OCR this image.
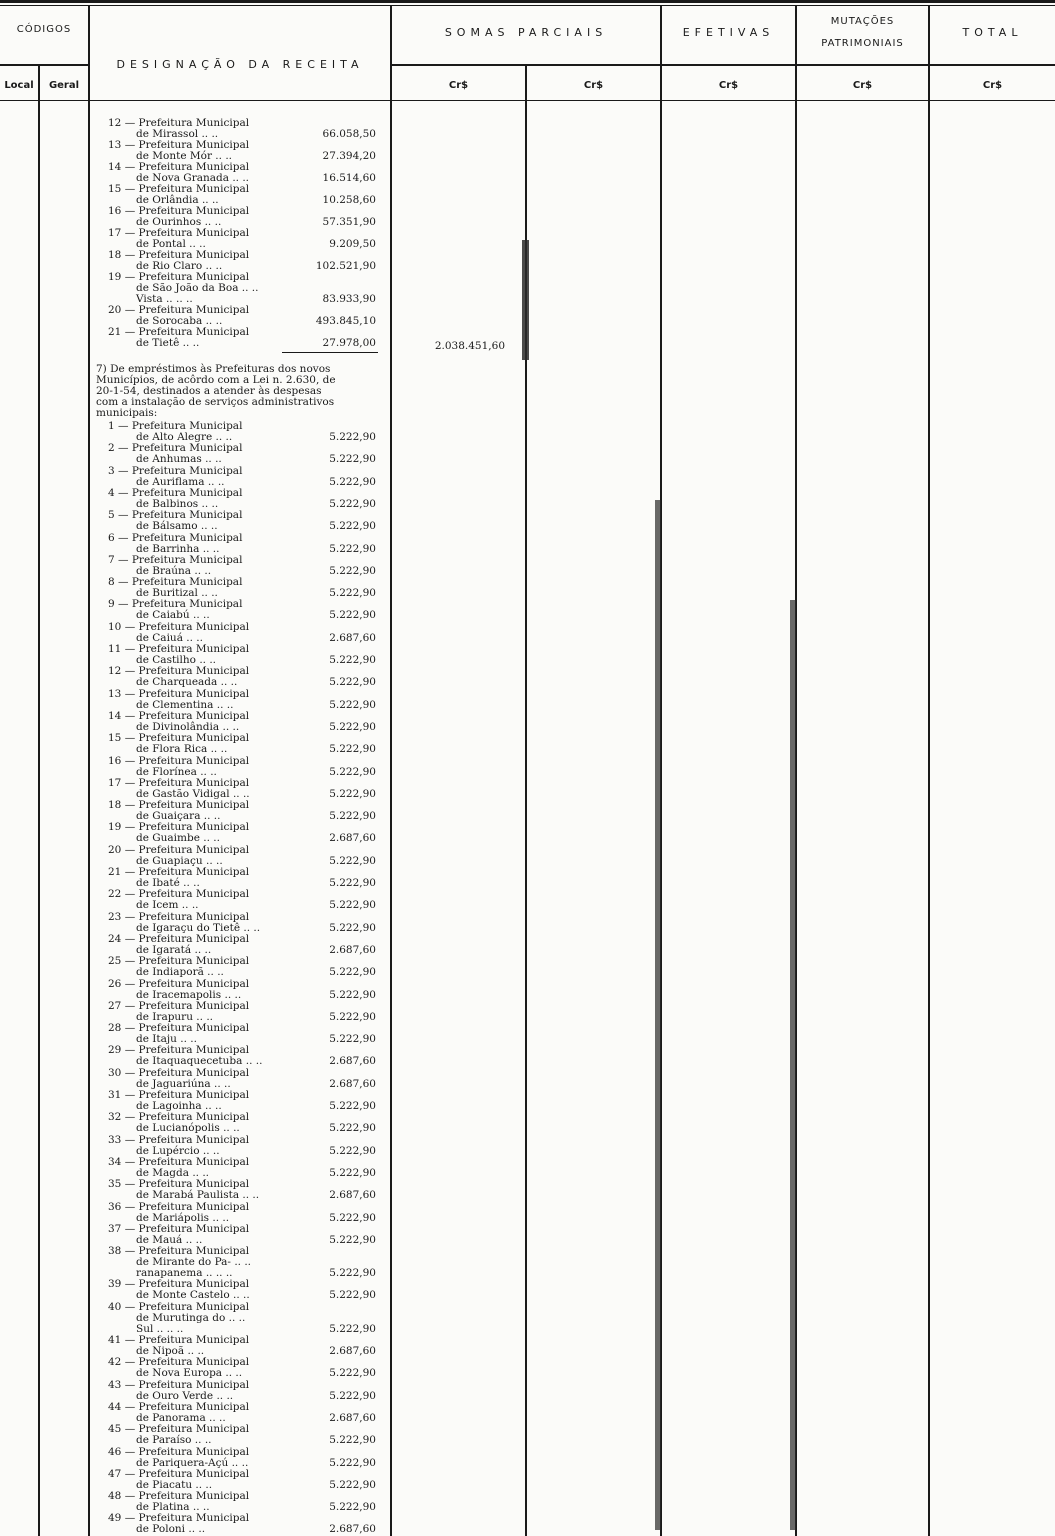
CÓDIGOS
Local	Geral
DESIGNAÇÃO DA RECEITA
SOMAS PARCIAIS	EFETIVAS
MUTAÇÕES
PATRIMONIAIS
TOTAL
Cr$	Cr$	Cr$	Cr$	Cr$
12 — Prefeitura Municipal
de Mirassol .. ..	66.058,50
13 — Prefeitura Municipal
de Monte Mór .. ..	27.394,20
14 — Prefeitura Municipal
de Nova Granada .. ..	16.514,60
15 — Prefeitura Municipal
de Orlândia .. ..	10.258,60
16 — Prefeitura Municipal
de Ourinhos .. ..	57.351,90
17 — Prefeitura Municipal
de Pontal .. ..	9.209,50
18 — Prefeitura Municipal
de Rio Claro .. ..	102.521,90
19 — Prefeitura Municipal
de São João da Boa .. ..
Vista .. .. ..	83.933,90
20 — Prefeitura Municipal
de Sorocaba .. ..	493.845,10
21 — Prefeitura Municipal
de Tietê .. ..	27.978,00	2.038.451,60
7) De empréstimos às Prefeituras dos novos
Municípios, de acôrdo com a Lei n. 2.630, de
20-1-54, destinados a atender às despesas
com a instalação de serviços administrativos
municipais:
1 — Prefeitura Municipal
de Alto Alegre .. ..	5.222,90
2 — Prefeitura Municipal
de Anhumas .. ..	5.222,90
3 — Prefeitura Municipal
de Auriflama .. ..	5.222,90
4 — Prefeitura Municipal
de Balbinos .. ..	5.222,90
5 — Prefeitura Municipal
de Bálsamo .. ..	5.222,90
6 — Prefeitura Municipal
de Barrinha .. ..	5.222,90
7 — Prefeitura Municipal
de Braúna .. ..	5.222,90
8 — Prefeitura Municipal
de Buritizal .. ..	5.222,90
9 — Prefeitura Municipal
de Caiabú .. ..	5.222,90
10 — Prefeitura Municipal
de Caiuá .. ..	2.687,60
11 — Prefeitura Municipal
de Castilho .. ..	5.222,90
12 — Prefeitura Municipal
de Charqueada .. ..	5.222,90
13 — Prefeitura Municipal
de Clementina .. ..	5.222,90
14 — Prefeitura Municipal
de Divinolândia .. ..	5.222,90
15 — Prefeitura Municipal
de Flora Rica .. ..	5.222,90
16 — Prefeitura Municipal
de Florínea .. ..	5.222,90
17 — Prefeitura Municipal
de Gastão Vidigal .. ..	5.222,90
18 — Prefeitura Municipal
de Guaiçara .. ..	5.222,90
19 — Prefeitura Municipal
de Guaimbe .. ..	2.687,60
20 — Prefeitura Municipal
de Guapiaçu .. ..	5.222,90
21 — Prefeitura Municipal
de Ibaté .. ..	5.222,90
22 — Prefeitura Municipal
de Icem .. ..	5.222,90
23 — Prefeitura Municipal
de Igaraçu do Tietê .. ..	5.222,90
24 — Prefeitura Municipal
de Igaratá .. ..	2.687,60
25 — Prefeitura Municipal
de Indiaporã .. ..	5.222,90
26 — Prefeitura Municipal
de Iracemapolis .. ..	5.222,90
27 — Prefeitura Municipal
de Irapuru .. ..	5.222,90
28 — Prefeitura Municipal
de Itaju .. ..	5.222,90
29 — Prefeitura Municipal
de Itaquaquecetuba .. ..	2.687,60
30 — Prefeitura Municipal
de Jaguariúna .. ..	2.687,60
31 — Prefeitura Municipal
de Lagoinha .. ..	5.222,90
32 — Prefeitura Municipal
de Lucianópolis .. ..	5.222,90
33 — Prefeitura Municipal
de Lupércio .. ..	5.222,90
34 — Prefeitura Municipal
de Magda .. ..	5.222,90
35 — Prefeitura Municipal
de Marabá Paulista .. ..	2.687,60
36 — Prefeitura Municipal
de Mariápolis .. ..	5.222,90
37 — Prefeitura Municipal
de Mauá .. ..	5.222,90
38 — Prefeitura Municipal
de Mirante do Pa- .. ..
ranapanema .. .. ..	5.222,90
39 — Prefeitura Municipal
de Monte Castelo .. ..	5.222,90
40 — Prefeitura Municipal
de Murutinga do .. ..
Sul .. .. ..	5.222,90
41 — Prefeitura Municipal
de Nipoã .. ..	2.687,60
42 — Prefeitura Municipal
de Nova Europa .. ..	5.222,90
43 — Prefeitura Municipal
de Ouro Verde .. ..	5.222,90
44 — Prefeitura Municipal
de Panorama .. ..	2.687,60
45 — Prefeitura Municipal
de Paraíso .. ..	5.222,90
46 — Prefeitura Municipal
de Pariquera-Açú .. ..	5.222,90
47 — Prefeitura Municipal
de Piacatu .. ..	5.222,90
48 — Prefeitura Municipal
de Platina .. ..	5.222,90
49 — Prefeitura Municipal
de Poloni .. ..	2.687,60
